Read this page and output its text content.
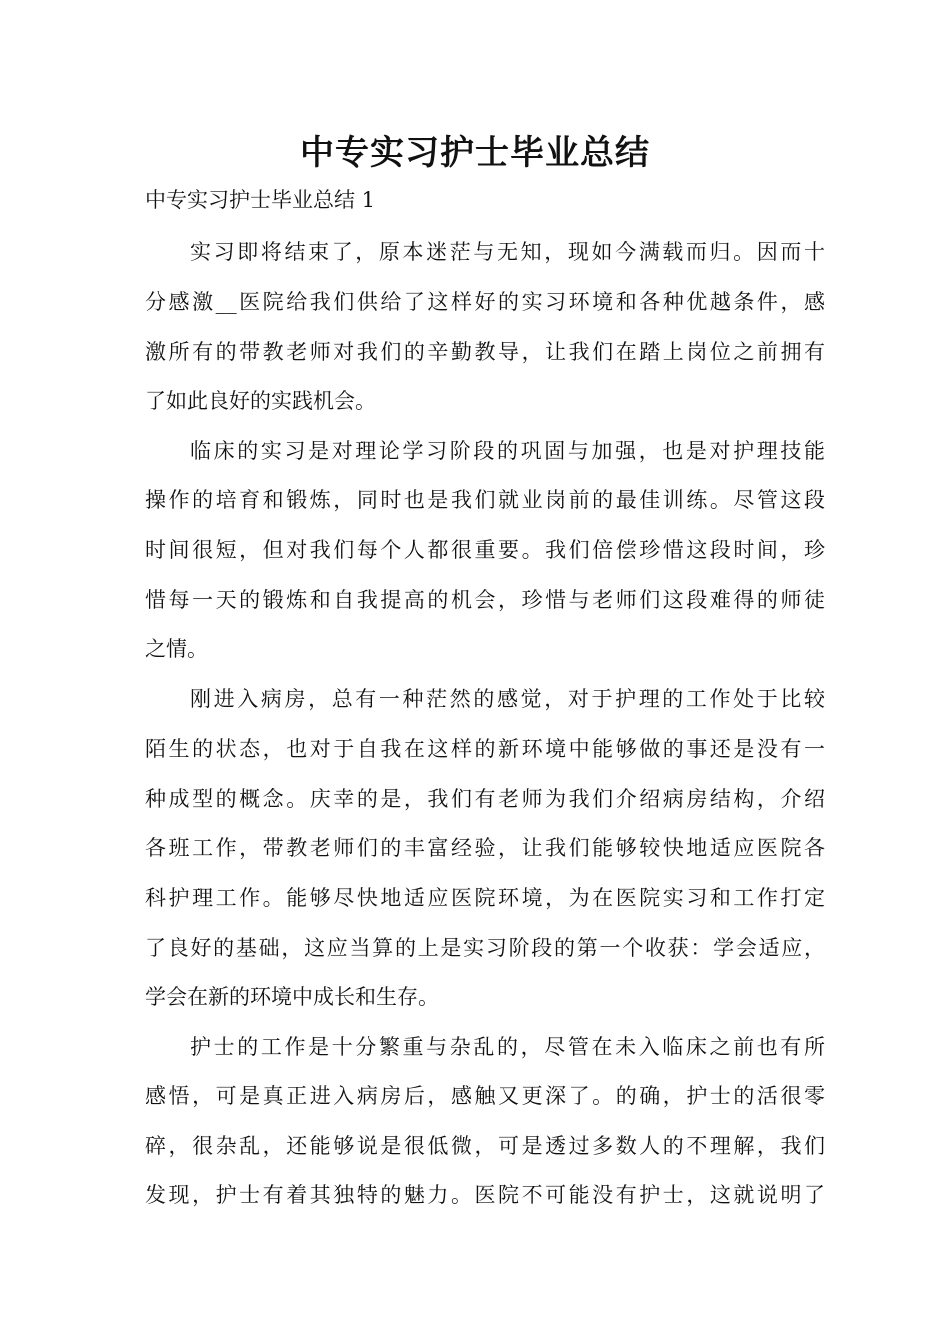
中专实习护士毕业总结

中专实习护士毕业总结 1

实习即将结束了，原本迷茫与无知，现如今满载而归。因而十

分感激__医院给我们供给了这样好的实习环境和各种优越条件，感

激所有的带教老师对我们的辛勤教导，让我们在踏上岗位之前拥有

了如此良好的实践机会。

临床的实习是对理论学习阶段的巩固与加强，也是对护理技能

操作的培育和锻炼，同时也是我们就业岗前的最佳训练。尽管这段

时间很短，但对我们每个人都很重要。我们倍偿珍惜这段时间，珍

惜每一天的锻炼和自我提高的机会，珍惜与老师们这段难得的师徒

之情。

刚进入病房，总有一种茫然的感觉，对于护理的工作处于比较

陌生的状态，也对于自我在这样的新环境中能够做的事还是没有一

种成型的概念。庆幸的是，我们有老师为我们介绍病房结构，介绍

各班工作，带教老师们的丰富经验，让我们能够较快地适应医院各

科护理工作。能够尽快地适应医院环境，为在医院实习和工作打定

了良好的基础，这应当算的上是实习阶段的第一个收获：学会适应，

学会在新的环境中成长和生存。

护士的工作是十分繁重与杂乱的，尽管在未入临床之前也有所

感悟，可是真正进入病房后，感触又更深了。的确，护士的活很零

碎，很杂乱，还能够说是很低微，可是透过多数人的不理解，我们

发现，护士有着其独特的魅力。医院不可能没有护士，这就说明了
